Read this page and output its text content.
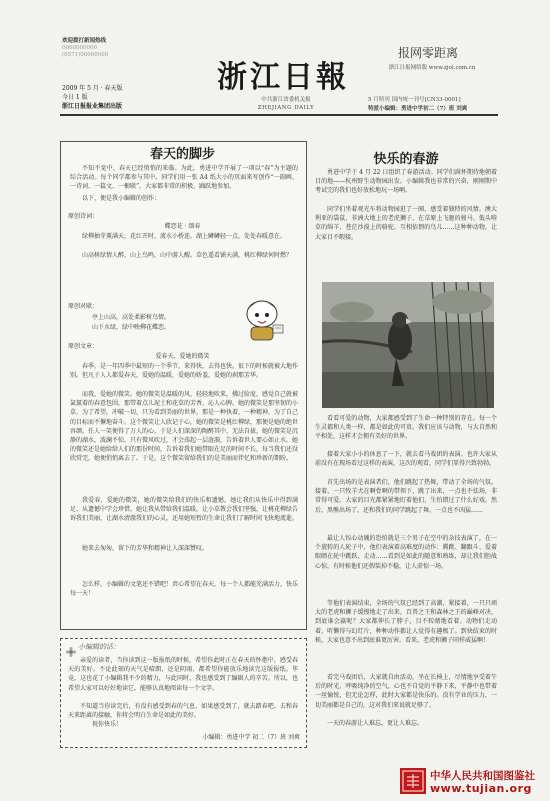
欢迎拨打新闻热线
0000000000
(0571)00000000
2009 年 5 月 · 春天版
今日 1 版
浙江日报报业集团出版
浙江日報
中共浙江省委机关报
ZHEJIANG DAILY
报网零距离
浙江日报网络版 www.zjol.com.cn
5 月特刊 国内统一刊号[CN33-0001]
特派小编辑：勇进中学初二（7）班 刘爽
春天的脚步
不知不觉中，春天已经悄悄的来临。为此，勇进中学开展了一项以“春”为主题的综合活动。每个同学都参与其中。同学们用一张 A4 纸大小的页面来写创作“一副画、一诗词、一篇文、一橱联”，大家都非常的积极，踊跃地参加。
以下，便是我小编辑的创作：
原创诗词：
蝶恋花 · 颂春
绿柳抽芽薰满天，花红开时，流水小桥连。湖上鳞鳞轻一点，处处春暖意在。
山高树绿情人醉，山上鸟鸣，山中游人醒。草色遥看铺天满，桃红柳绿何时燃？
原创对联：
亭上山高，高处柔影树鸟情。
山下水绿，绿中映柳花蝶恋。
原创文章：
爱春天，爱她的微笑
春季，是一年四季中最短的一个季节，来得快，去得也快。很下的时候就被大地作别。但凡于人人都爱春天，爱她的温暖，爱她的娇羞，爱她的刹那芳华。
而我，爱她的微笑。她的微笑是温暖的风，轻轻地吹来，拂过脸庞，感觉自己就被氤氲着的春意包围，那带着点儿泥土和花草的芳香，沁人心脾。她的微笑是那坚韧的小草，为了希望，冲破一切，只为看到美丽的世界，那是一种执着，一种精神，为了自己的目标而不懈地奋斗。这个微笑让人欣记于心，她的微笑是桃红柳绿，那便是她的绝世容颜。任人一笑便得了万人的心。于是人们深深的陶醉其中，无法自拔，她的微笑是沉静的湖水，波澜不惊，只有微风吹过，才会荡起一层涟漪，告诉着世人要心如止水。她的微笑还是她给给人们的那份时间，告诉着我们她带眼在足的时间不长，每当我们还没欣赏完，她便悄悄离去了。于是，这个微笑留给我们的是美丽而伴忆和珍新的期盼。
我爱春，爱她的微笑，她的微笑给我们的快乐和遗憾，她让我们从快乐中得到满足，从遗憾中学会珍惜。她让我从带给我们温暖，让小草教会我们坚强，让桃花柳绿告诉我们美丽，让湖水清澈我们的心灵，还用她短暂的生命让我们了解时间飞快地流逝。
她来去匆匆，留下的芳华和精神让人深深赞叹。
怎么样，小编辑的文笔还不错吧！责心希望在春天，每一个人都能充满活力，快乐每一天！
小编辑的话：
亲爱的读者，当你读到这一版报纸的时候，希望你此时正在春天的怀抱中，感受春天的美好。不论此刻的天气是晴朗，还是阴雨，都希望你能放乐地读完这版报纸。毕竟，这也花了小编辑我不少的精力，与此同时，我也感受到了编辑人的辛苦。所以，也希望大家可以好好地读它，能够认真地阅读每一个文字。
不知道当你读完后，有没有感受到春的气息，如果感受到了，就去踏春吧。去和春天来距离的接触，你将会明白生命是如此的美好。
祝你快乐！
小编辑：勇进中学 初二（7）班 刘爽
快乐的春游
勇进中学于 4 月 22 日组织了春游活动。同学们满怀期待地朝着目的地——杭州野生动物园出发。小编辑我也非常的兴奋，刚刚期中考试完的我们也好放松地玩一场啊。
同学们坐着观光车将动物园逛了一圈，感受着独特的风情。澳大利亚的袋鼠、非洲大地上的老虎狮子、在草原上飞驰的骏马、低头啃草的绵羊、苍茫沙漠上的骆驼、互相依偎的鸟儿……这种种动物，让大家目不暇接。
看看可爱的动物，大家都感受到了生命一种特别的存在。每一个生灵都和人类一样，都是如此的可贵。我们应该与动物，与大自然和平相处，这样才会拥有美好的世界。
接着大家小小的休息了一下，就去看马戏团的表演。也许大家从前没有在现场看过这样的表演，这次的观看，同学们显得兴致勃勃。
首先出场的是表演者们，他们跳起了热舞，带动了全场的气氛。接着，一只牧羊犬在啊骨啊的带领下，跳了出来，一点也不怯场，非常得可爱。大家的目光都紧紧地盯着他们，生怕错过了什么好戏。然后，黑熊出场了，还和我们的同学跳起了舞。一点也不凶猛……
最让人惊心动魄的恐怕就是三个男子在空中的杂技表演了，在一个旋转的人轮子中，他们表演着高难度的动作：腾跳、翻跟斗、爱着眼睛在轮中跳跃、走动……看到是如此的随意和熟练，却让我们胆战心惊，有时候他们还假装掉不稳，让人虚惊一场。
等他们表演结束，全场的气氛已经到了高潮，紧接着，一只只顽大的老虎和狮子缓慢地走了出来，百兽之王和森林之王的巅峰对决，到底谁会赢呢？大家都伸长了脖子，目不转睛地看着。动物们走动着，听懒得与幻灯片，种种动作都让人觉得有趣极了。到快结束的时候，大家也意不出到底谁更厉害。看来，老虎和狮子同样威猛啊！
看完马戏团后，大家就自由活动，坐在长椅上，尽情地享受着午后的时光，呼吸纯净的空气，心也不自觉的平静下来，平静中也带着一丝愉悦，但无论怎样，此时大家都是快乐的。没有学业的压力，一切美丽都是自己的，这对我们来说就足够了。
一天的春游让人难忘，更让人难忘。
中华人民共和国图鉴社
www.tujian.org
